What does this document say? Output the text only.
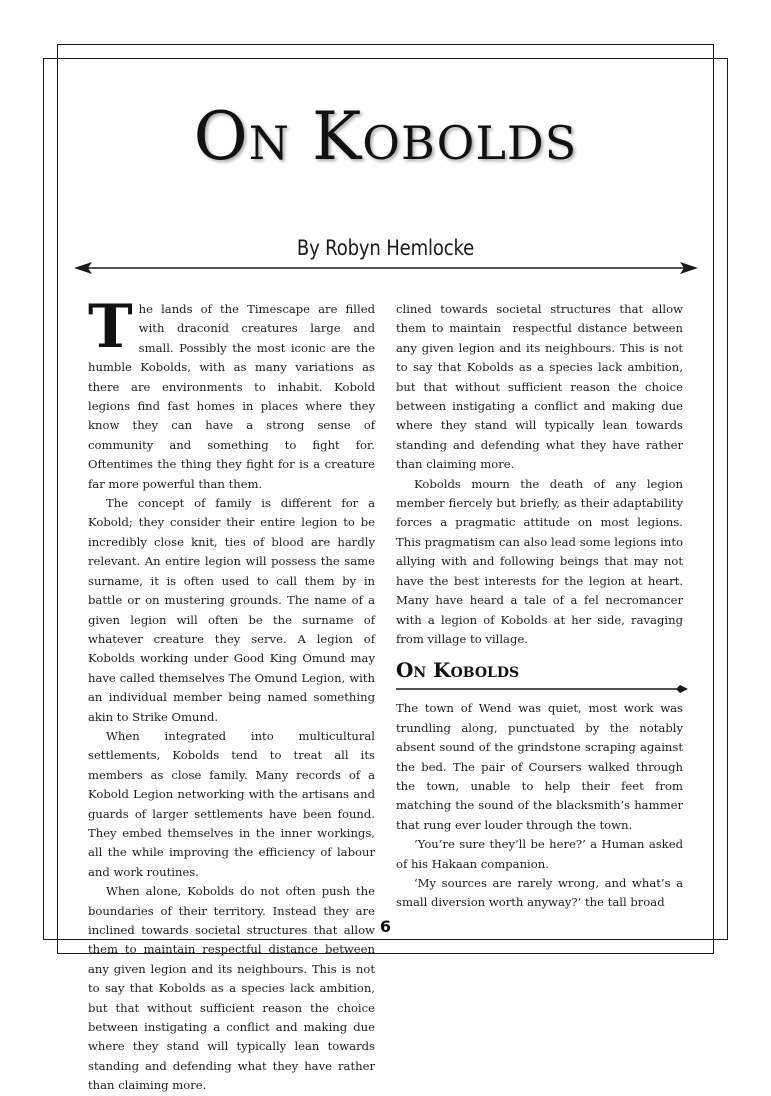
On Kobolds
By Robyn Hemlocke

The lands of the Timescape are filled with draconid creatures large and small. Possibly the most iconic are the humble Kobolds, with as many variations as there are environments to inhabit. Kobold legions find fast homes in places where they know they can have a strong sense of community and something to fight for. Oftentimes the thing they fight for is a creature far more powerful than them.

The concept of family is different for a Kobold; they consider their entire legion to be incredibly close knit, ties of blood are hardly relevant. An entire legion will possess the same surname, it is often used to call them by in battle or on mustering grounds. The name of a given legion will often be the surname of whatever creature they serve. A legion of Kobolds working under Good King Omund may have called themselves The Omund Legion, with an individual member being named something akin to Strike Omund.

When integrated into multicultural settlements, Kobolds tend to treat all its members as close family. Many records of a Kobold Legion networking with the artisans and guards of larger settlements have been found. They embed themselves in the inner workings, all the while improving the efficiency of labour and work routines.

When alone, Kobolds do not often push the boundaries of their territory. Instead they are inclined towards societal structures that allow them to maintain respectful distance between any given legion and its neighbours. This is not to say that Kobolds as a species lack ambition, but that without sufficient reason the choice between instigating a conflict and making due where they stand will typically lean towards standing and defending what they have rather than claiming more.

clined towards societal structures that allow them to maintain  respectful distance between any given legion and its neighbours. This is not to say that Kobolds as a species lack ambition, but that without sufficient reason the choice between instigating a conflict and making due where they stand will typically lean towards standing and defending what they have rather than claiming more.

Kobolds mourn the death of any legion member fiercely but briefly, as their adaptability forces a pragmatic attitude on most legions. This pragmatism can also lead some legions into allying with and following beings that may not have the best interests for the legion at heart. Many have heard a tale of a fel necromancer with a legion of Kobolds at her side, ravaging from village to village.

On Kobolds

The town of Wend was quiet, most work was trundling along, punctuated by the notably absent sound of the grindstone scraping against the bed. The pair of Coursers walked through the town, unable to help their feet from matching the sound of the blacksmith’s hammer that rung ever louder through the town.

‘You’re sure they’ll be here?’ a Human asked of his Hakaan companion.

‘My sources are rarely wrong, and what’s a small diversion worth anyway?’ the tall broad

6
